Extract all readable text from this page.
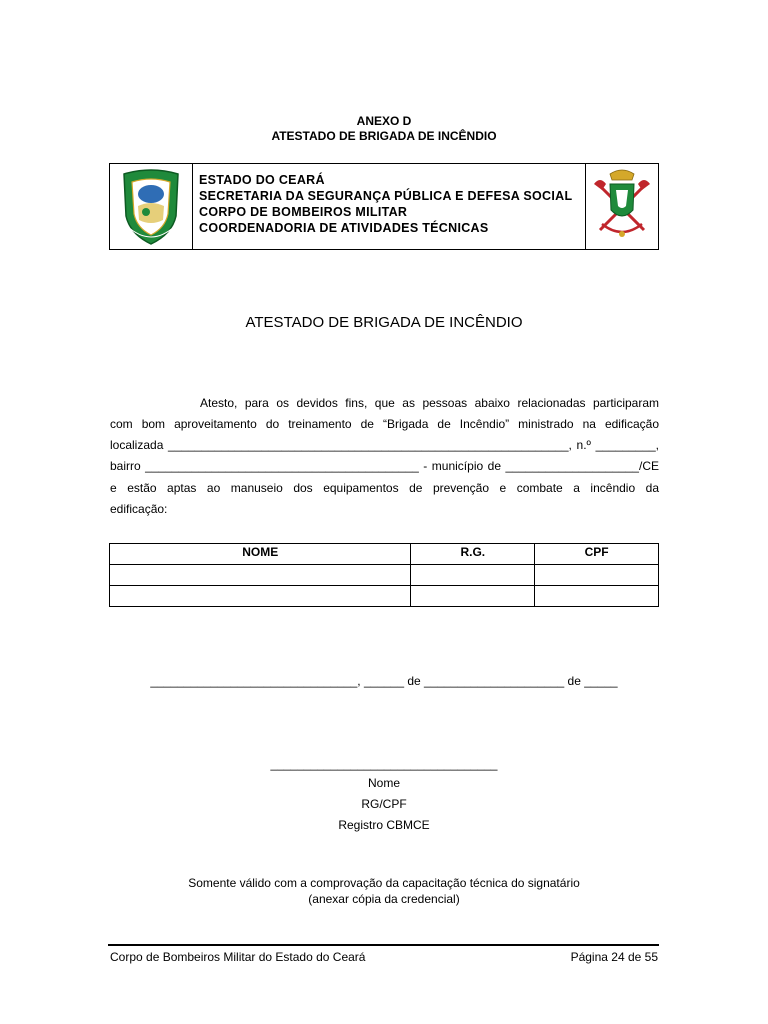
ANEXO D
ATESTADO DE BRIGADA DE INCÊNDIO
ESTADO DO CEARÁ
SECRETARIA DA SEGURANÇA PÚBLICA E DEFESA SOCIAL
CORPO DE BOMBEIROS MILITAR
COORDENADORIA DE ATIVIDADES TÉCNICAS
ATESTADO DE BRIGADA DE INCÊNDIO
Atesto, para os devidos fins, que as pessoas abaixo relacionadas participaram
com bom aproveitamento do treinamento de “Brigada de Incêndio” ministrado na edificação
localizada ____________________________________________________________, n.º _________,
bairro _________________________________________ - município de ____________________/CE
e estão aptas ao manuseio dos equipamentos de prevenção e combate a incêndio da
edificação:
NOME	R.G.	CPF

_______________________________, ______ de _____________________ de _____
__________________________________
Nome
RG/CPF
Registro CBMCE
Somente válido com a comprovação da capacitação técnica do signatário
(anexar cópia da credencial)
Corpo de Bombeiros Militar do Estado do Ceará	Página 24 de 55
